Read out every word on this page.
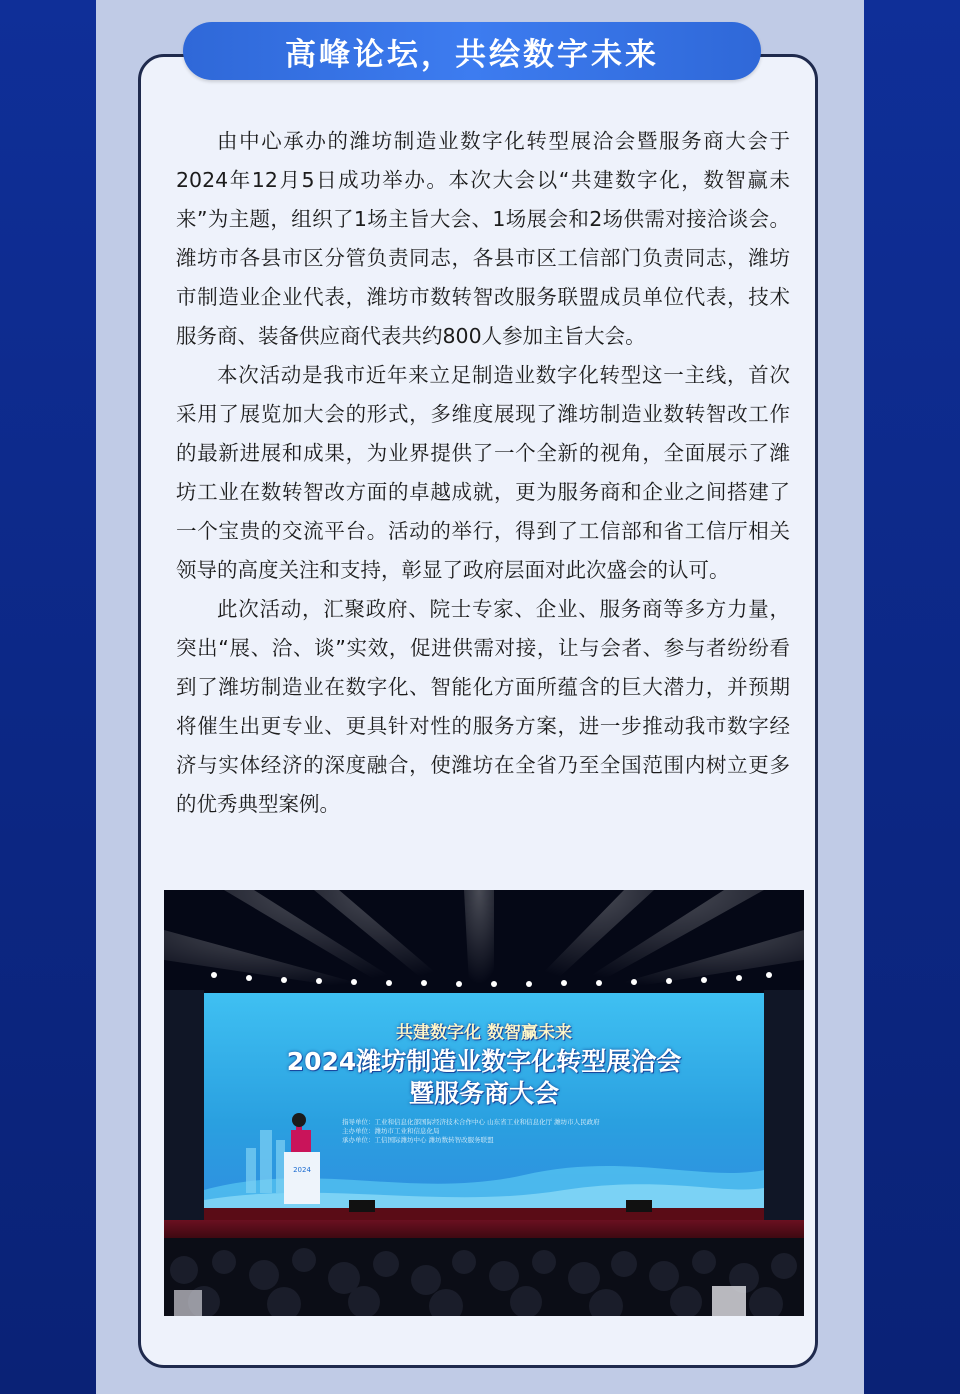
高峰论坛，共绘数字未来

由中心承办的潍坊制造业数字化转型展洽会暨服务商大会于2024年12月5日成功举办。本次大会以“共建数字化，数智赢未来”为主题，组织了1场主旨大会、1场展会和2场供需对接洽谈会。潍坊市各县市区分管负责同志，各县市区工信部门负责同志，潍坊市制造业企业代表，潍坊市数转智改服务联盟成员单位代表，技术服务商、装备供应商代表共约800人参加主旨大会。

本次活动是我市近年来立足制造业数字化转型这一主线，首次采用了展览加大会的形式，多维度展现了潍坊制造业数转智改工作的最新进展和成果，为业界提供了一个全新的视角，全面展示了潍坊工业在数转智改方面的卓越成就，更为服务商和企业之间搭建了一个宝贵的交流平台。活动的举行，得到了工信部和省工信厅相关领导的高度关注和支持，彰显了政府层面对此次盛会的认可。

此次活动，汇聚政府、院士专家、企业、服务商等多方力量，突出“展、洽、谈”实效，促进供需对接，让与会者、参与者纷纷看到了潍坊制造业在数字化、智能化方面所蕴含的巨大潜力，并预期将催生出更专业、更具针对性的服务方案，进一步推动我市数字经济与实体经济的深度融合，使潍坊在全省乃至全国范围内树立更多的优秀典型案例。

2024
共建数字化 数智赢未来
2024潍坊制造业数字化转型展洽会
暨服务商大会
指导单位：工业和信息化部国际经济技术合作中心 山东省工业和信息化厅 潍坊市人民政府
主办单位：潍坊市工业和信息化局
承办单位：工信国际潍坊中心 潍坊数转智改服务联盟
